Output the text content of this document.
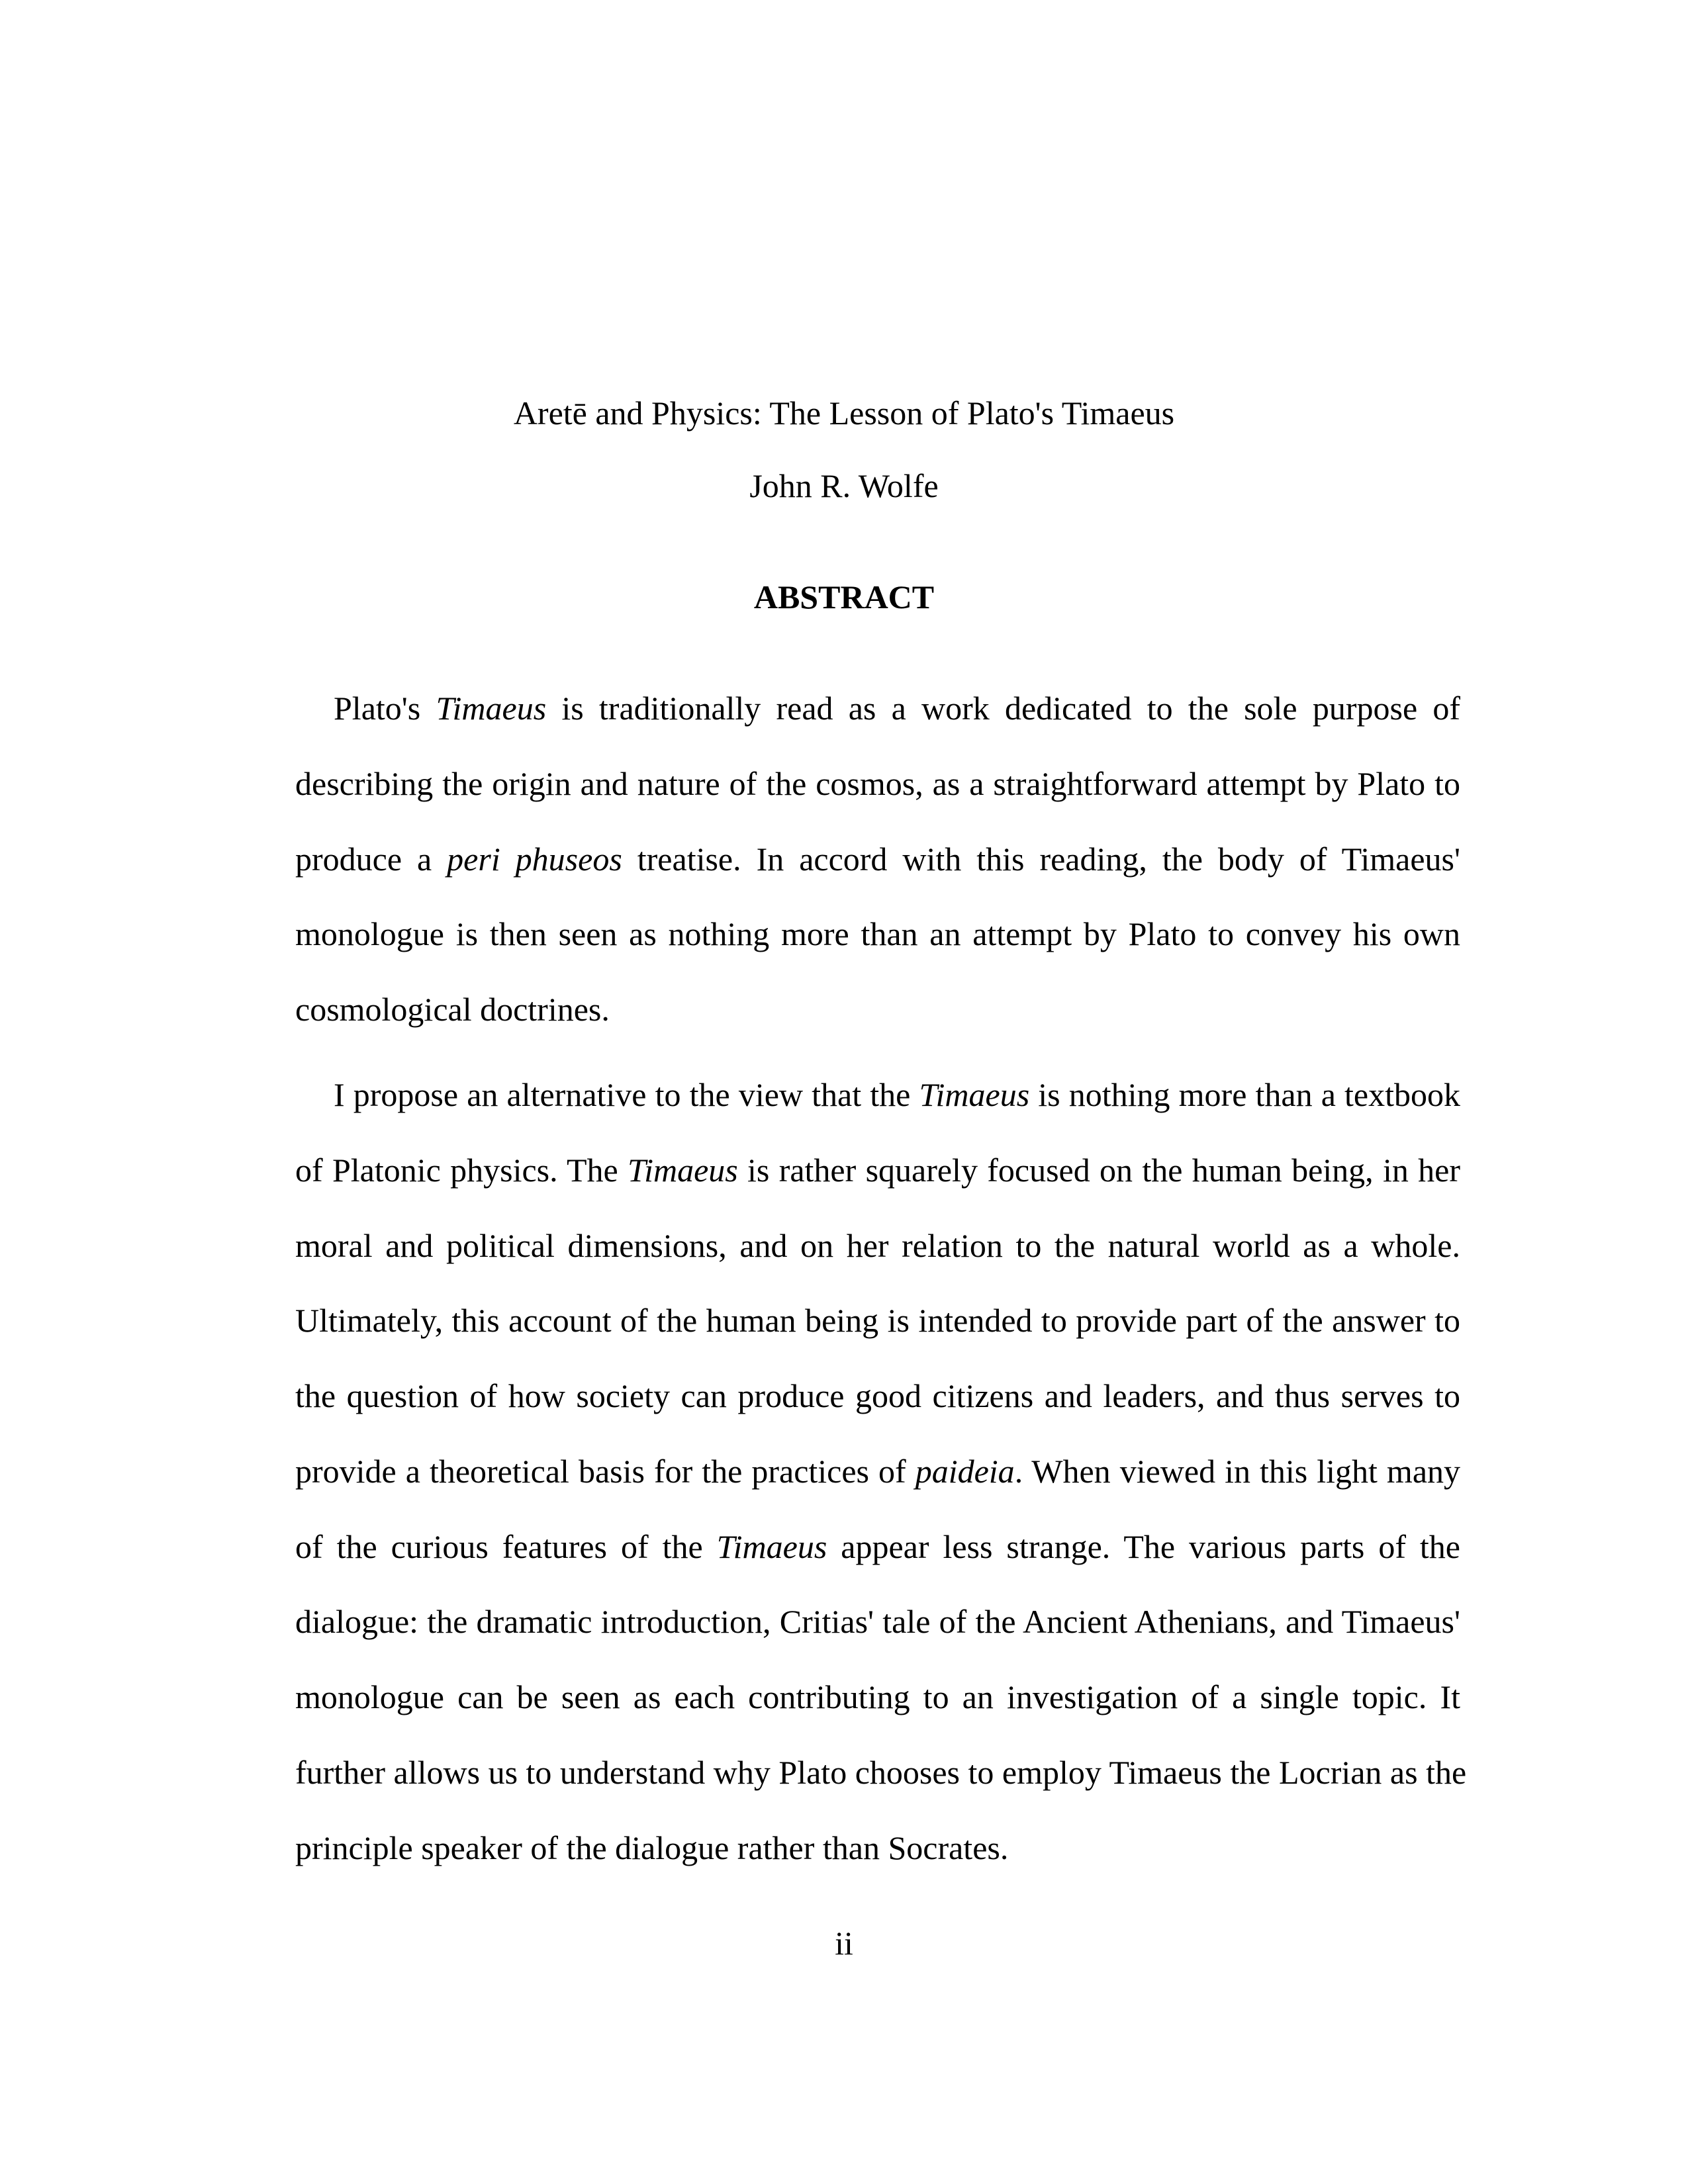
Aretē and Physics: The Lesson of Plato's Timaeus

John R. Wolfe

ABSTRACT

Plato's Timaeus is traditionally read as a work dedicated to the sole purpose of
describing the origin and nature of the cosmos, as a straightforward attempt by Plato to
produce a peri phuseos treatise. In accord with this reading, the body of Timaeus'
monologue is then seen as nothing more than an attempt by Plato to convey his own
cosmological doctrines.
I propose an alternative to the view that the Timaeus is nothing more than a textbook
of Platonic physics. The Timaeus is rather squarely focused on the human being, in her
moral and political dimensions, and on her relation to the natural world as a whole.
Ultimately, this account of the human being is intended to provide part of the answer to
the question of how society can produce good citizens and leaders, and thus serves to
provide a theoretical basis for the practices of paideia. When viewed in this light many
of the curious features of the Timaeus appear less strange. The various parts of the
dialogue: the dramatic introduction, Critias' tale of the Ancient Athenians, and Timaeus'
monologue can be seen as each contributing to an investigation of a single topic. It
further allows us to understand why Plato chooses to employ Timaeus the Locrian as the
principle speaker of the dialogue rather than Socrates.

ii
